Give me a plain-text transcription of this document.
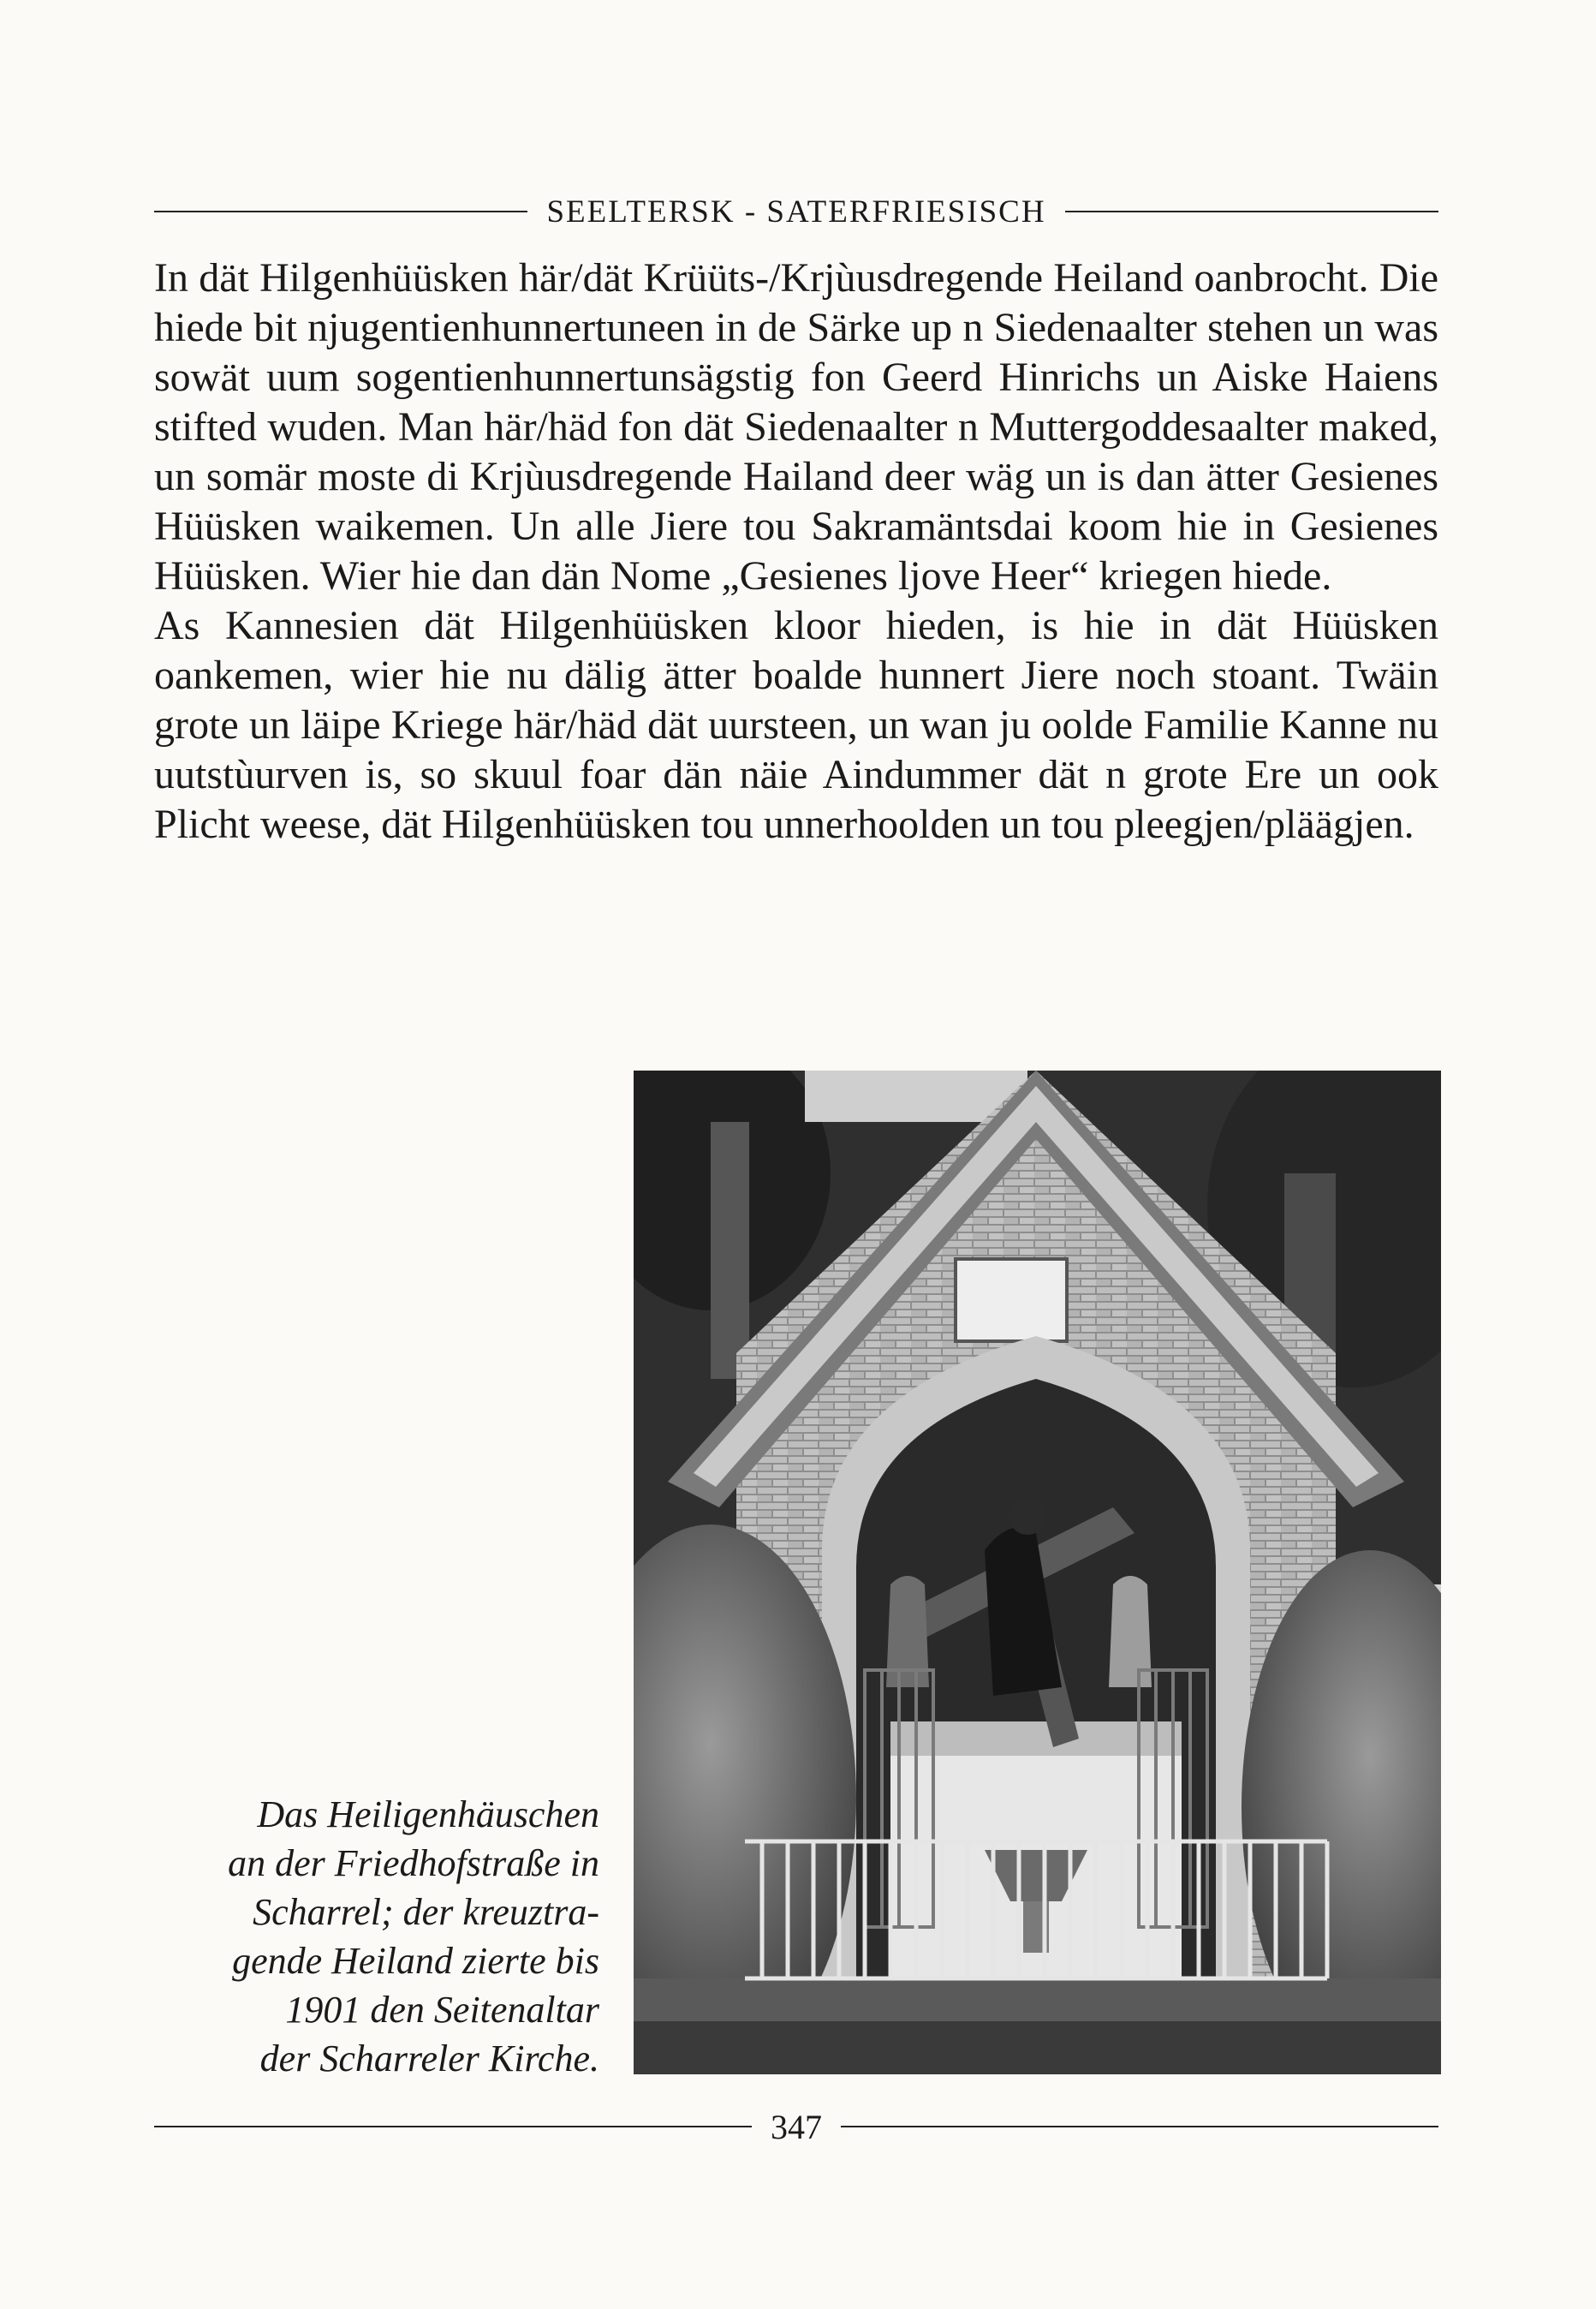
SEELTERSK - SATERFRIESISCH

In dät Hilgenhüüsken här/dät Krüüts-/Krjùusdregende Heiland oanbrocht. Die hiede bit njugentienhunnertuneen in de Särke up n Siedenaalter stehen un was sowät uum sogentienhunnertunsägstig fon Geerd Hinrichs un Aiske Haiens stifted wuden. Man här/häd fon dät Siedenaalter n Muttergoddesaalter maked, un somär moste di Krjùusdregende Hailand deer wäg un is dan ätter Gesienes Hüüsken waikemen. Un alle Jiere tou Sakramäntsdai koom hie in Gesienes Hüüsken. Wier hie dan dän Nome „Gesienes ljove Heer“ kriegen hiede.

As Kannesien dät Hilgenhüüsken kloor hieden, is hie in dät Hüüsken oankemen, wier hie nu dälig ätter boalde hunnert Jiere noch stoant. Twäin grote un läipe Kriege här/häd dät uursteen, un wan ju oolde Familie Kanne nu uutstùurven is, so skuul foar dän näie Aindummer dät n grote Ere un ook Plicht weese, dät Hilgenhüüsken tou unnerhoolden un tou pleegjen/pläägjen.

Das Heiligenhäuschen

an der Friedhofstraße in

Scharrel; der kreuztra-

gende Heiland zierte bis

1901 den Seitenaltar

der Scharreler Kirche.

347
